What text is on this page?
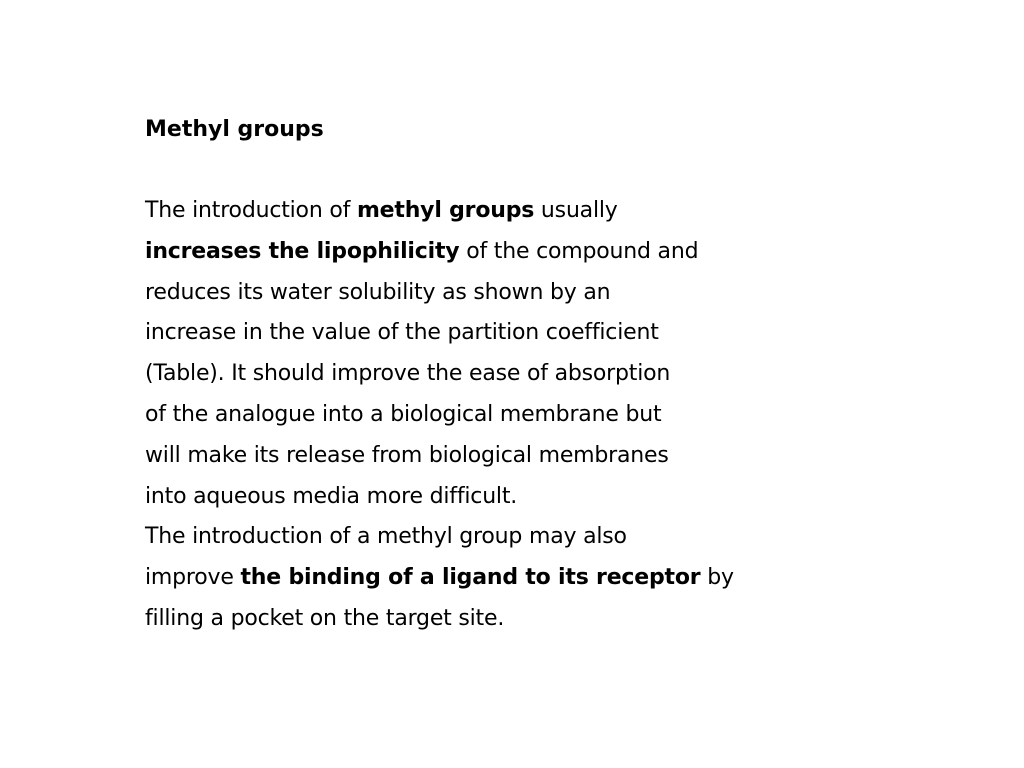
Methyl groups

The introduction of methyl groups usually
increases the lipophilicity of the compound and
reduces its water solubility as shown by an
increase in the value of the partition coefficient
(Table). It should improve the ease of absorption
of the analogue into a biological membrane but
will make its release from biological membranes
into aqueous media more difficult.

The introduction of a methyl group may also
improve the binding of a ligand to its receptor by
filling a pocket on the target site.
